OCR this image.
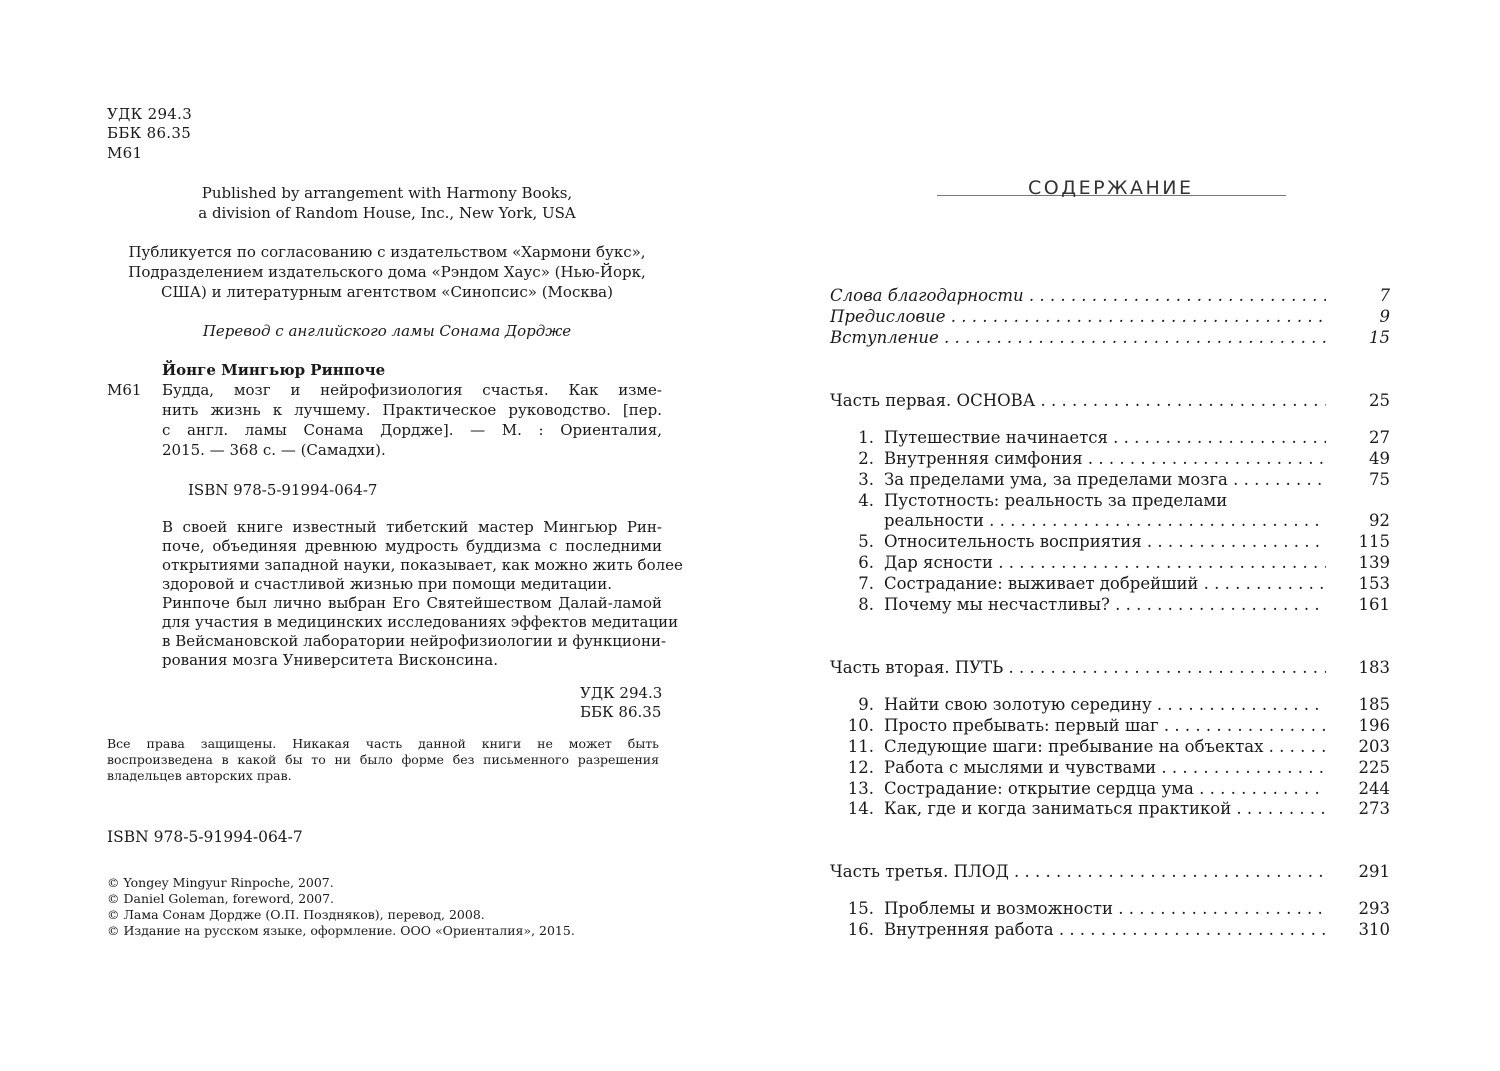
УДК 294.3
ББК 86.35
М61
Published by arrangement with Harmony Books,
a division of Random House, Inc., New York, USA
Публикуется по согласованию с издательством «Хармони букс»,
Подразделением издательского дома «Рэндом Хаус» (Нью-Йорк,
США) и литературным агентством «Синопсис» (Москва)
Перевод с английского ламы Сонама Дордже
Йонге Мингьюр Ринпоче
М61 Будда, мозг и нейрофизиология счастья. Как изме-
нить жизнь к лучшему. Практическое руководство. [пер.
с англ. ламы Сонама Дордже]. — М. : Ориенталия,
2015. — 368 с. — (Самадхи).
ISBN 978-5-91994-064-7
В своей книге известный тибетский мастер Мингьюр Рин-
поче, объединяя древнюю мудрость буддизма с последними
открытиями западной науки, показывает, как можно жить более
здоровой и счастливой жизнью при помощи медитации.
Ринпоче был лично выбран Его Святейшеством Далай-ламой
для участия в медицинских исследованиях эффектов медитации
в Вейсмановской лаборатории нейрофизиологии и функциони-
рования мозга Университета Висконсина.
УДК 294.3
ББК 86.35
Все права защищены. Никакая часть данной книги не может быть
воспроизведена в какой бы то ни было форме без письменного разрешения
владельцев авторских прав.
ISBN 978-5-91994-064-7
© Yongey Mingyur Rinpoche, 2007.
© Daniel Goleman, foreword, 2007.
© Лама Сонам Дордже (О.П. Поздняков), перевод, 2008.
© Издание на русском языке, оформление. ООО «Ориенталия», 2015.
СОДЕРЖАНИЕ
Слова благодарности . . .	7
Предисловие . . .	9
Вступление . . .	15
Часть первая. ОСНОВА . . .	25
1. Путешествие начинается . . .	27
2. Внутренняя симфония . . .	49
3. За пределами ума, за пределами мозга . . .	75
4. Пустотность: реальность за пределами
реальности . . .	92
5. Относительность восприятия . . .	115
6. Дар ясности . . .	139
7. Сострадание: выживает добрейший . . .	153
8. Почему мы несчастливы? . . .	161
Часть вторая. ПУТЬ . . .	183
9. Найти свою золотую середину . . .	185
10. Просто пребывать: первый шаг . . .	196
11. Следующие шаги: пребывание на объектах . . .	203
12. Работа с мыслями и чувствами . . .	225
13. Сострадание: открытие сердца ума . . .	244
14. Как, где и когда заниматься практикой . . .	273
Часть третья. ПЛОД . . .	291
15. Проблемы и возможности . . .	293
16. Внутренняя работа . . .	310
